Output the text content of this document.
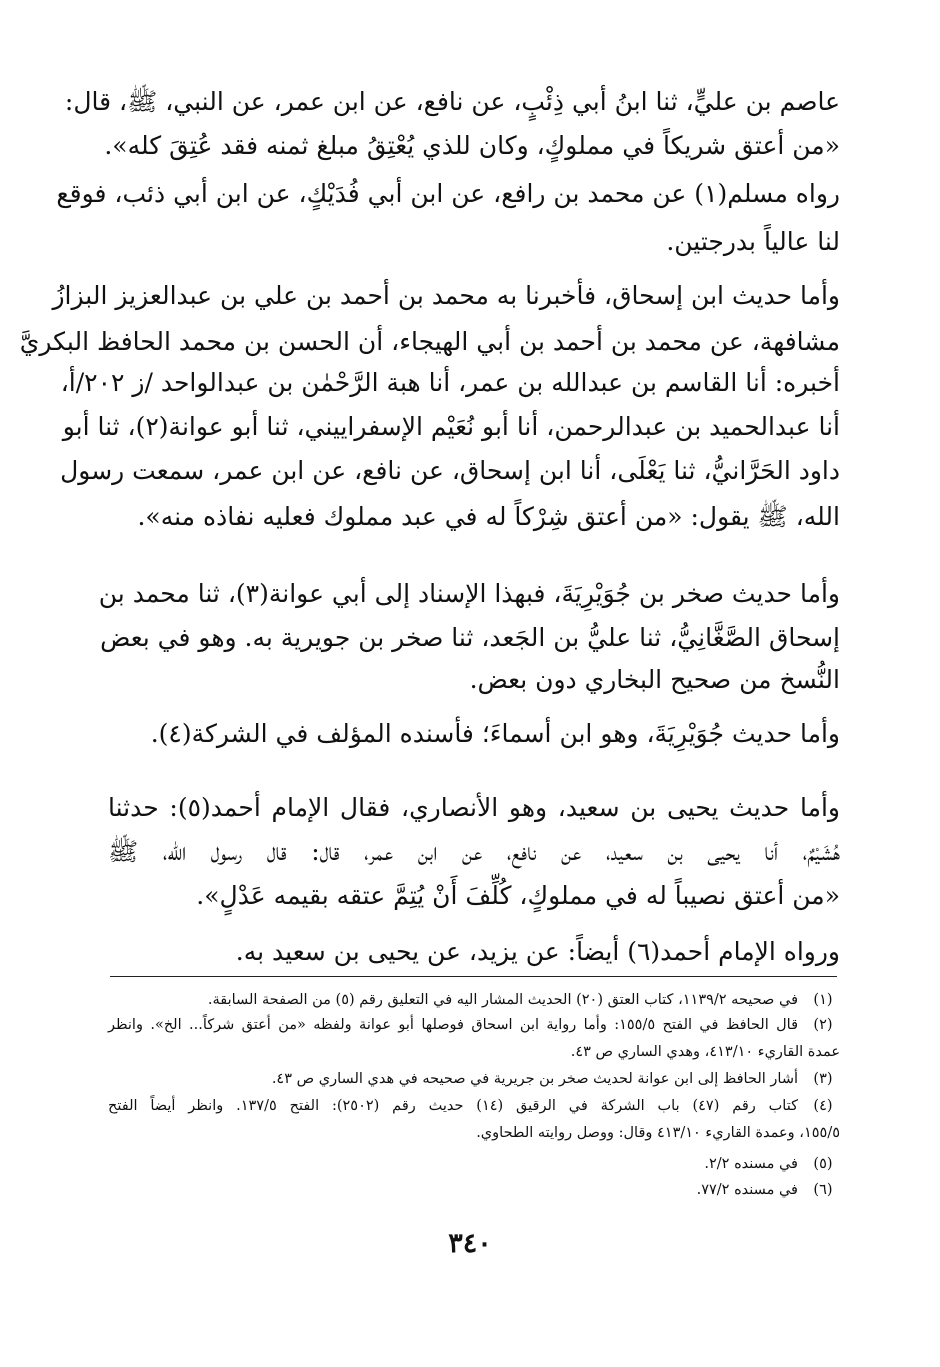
عاصم بن عليٍّ، ثنا ابنُ أبي ذِئْبٍ، عن نافع، عن ابن عمر، عن النبي، ﷺ، قال:
«من أعتق شريكاً في مملوكٍ، وكان للذي يُعْتِقُ مبلغ ثمنه فقد عُتِقَ كله».
رواه مسلم(١) عن محمد بن رافع، عن ابن أبي فُدَيْكٍ، عن ابن أبي ذئب، فوقع
لنا عالياً بدرجتين.
وأما حديث ابن إسحاق، فأخبرنا به محمد بن أحمد بن علي بن عبدالعزيز البزازُ
مشافهة، عن محمد بن أحمد بن أبي الهيجاء، أن الحسن بن محمد الحافظ البكريَّ
أخبره: أنا القاسم بن عبدالله بن عمر، أنا هبة الرَّحْمٰن بن عبدالواحد /ز ٢٠٢/أ،
أنا عبدالحميد بن عبدالرحمن، أنا أبو نُعَيْم الإسفراييني، ثنا أبو عوانة(٢)، ثنا أبو
داود الحَرَّانيُّ، ثنا يَعْلَى، أنا ابن إسحاق، عن نافع، عن ابن عمر، سمعت رسول
الله، ﷺ يقول: «من أعتق شِرْكاً له في عبد مملوك فعليه نفاذه منه».
وأما حديث صخر بن جُوَيْرِيَةَ، فبهذا الإسناد إلى أبي عوانة(٣)، ثنا محمد بن
إسحاق الصَّغَّانِيُّ، ثنا عليُّ بن الجَعد، ثنا صخر بن جويرية به. وهو في بعض
النُّسخ من صحيح البخاري دون بعض.
وأما حديث جُوَيْرِيَةَ، وهو ابن أسماءَ؛ فأسنده المؤلف في الشركة(٤).
وأما حديث يحيى بن سعيد، وهو الأنصاري، فقال الإمام أحمد(٥): حدثنا
هُشَيْمٌ، أنا يحيى بن سعيد، عن نافع، عن ابن عمر، قال: قال رسول الله، ﷺ
«من أعتق نصيباً له في مملوكٍ، كُلِّفَ أَنْ يُتِمَّ عتقه بقيمه عَدْلٍ».
ورواه الإمام أحمد(٦) أيضاً: عن يزيد، عن يحيى بن سعيد به.
(١)
في صحيحه ١١٣٩/٢، كتاب العتق (٢٠) الحديث المشار اليه في التعليق رقم (٥) من الصفحة السابقة.
(٢)
قال الحافظ في الفتح ١٥٥/٥: وأما رواية ابن اسحاق فوصلها أبو عوانة ولفظه «من أعتق شركاً... الخ». وانظر
عمدة القاريء ٤١٣/١٠، وهدي الساري ص ٤٣.
(٣)
أشار الحافظ إلى ابن عوانة لحديث صخر بن جريرية في صحيحه في هدي الساري ص ٤٣.
(٤)
كتاب رقم (٤٧) باب الشركة في الرقيق (١٤) حديث رقم (٢٥٠٢): الفتح ١٣٧/٥. وانظر أيضاً الفتح
١٥٥/٥، وعمدة القاريء ٤١٣/١٠ وقال: ووصل روايته الطحاوي.
(٥)
في مسنده ٢/٢.
(٦)
في مسنده ٧٧/٢.
٣٤٠
